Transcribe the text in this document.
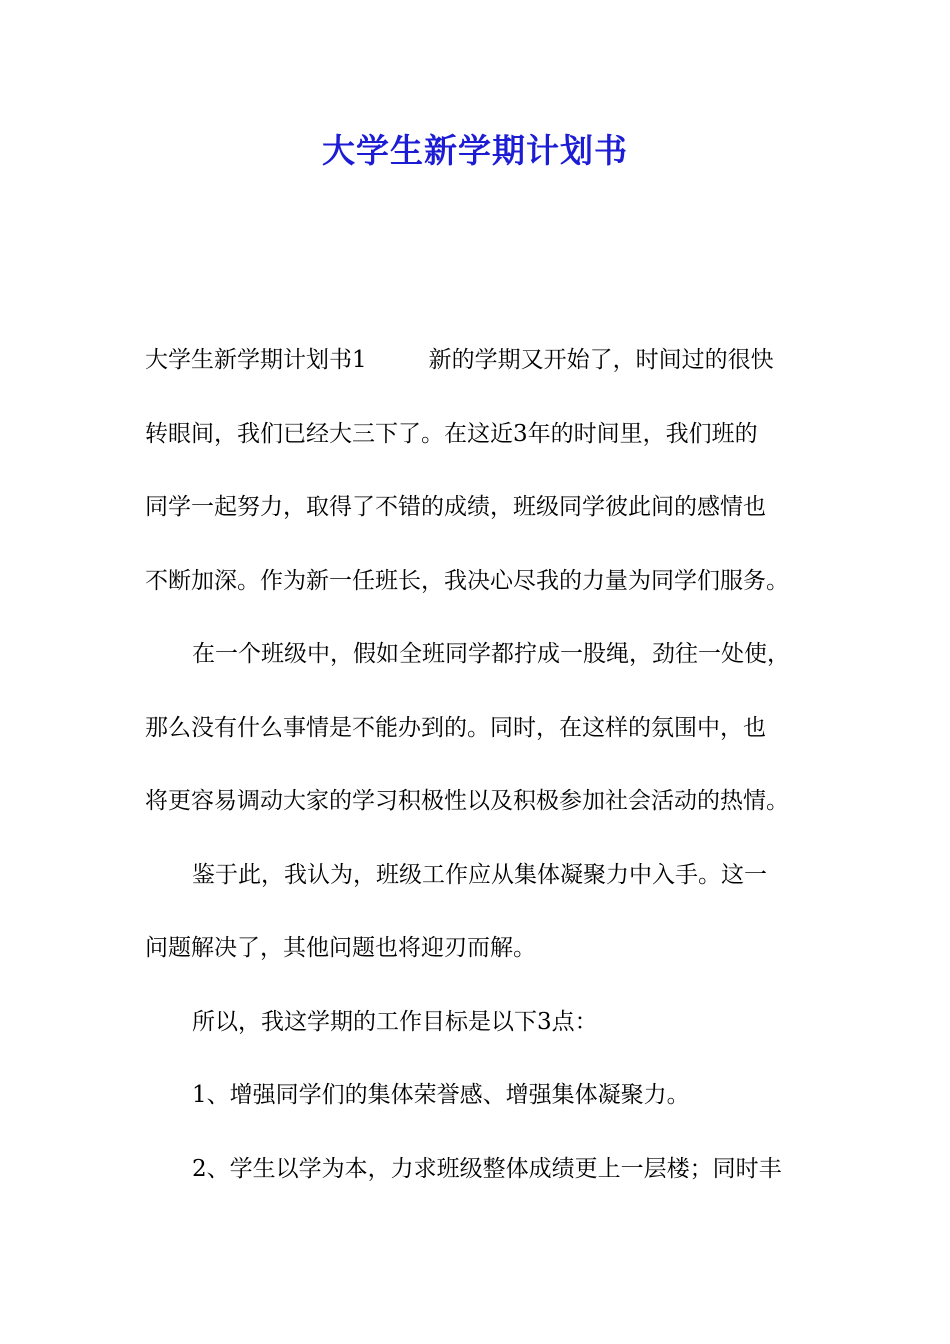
大学生新学期计划书
大学生新学期计划书1	新的学期又开始了，时间过的很快
转眼间，我们已经大三下了。在这近3年的时间里，我们班的
同学一起努力，取得了不错的成绩，班级同学彼此间的感情也
不断加深。作为新一任班长，我决心尽我的力量为同学们服务。
在一个班级中，假如全班同学都拧成一股绳，劲往一处使，
那么没有什么事情是不能办到的。同时，在这样的氛围中，也
将更容易调动大家的学习积极性以及积极参加社会活动的热情。
鉴于此，我认为，班级工作应从集体凝聚力中入手。这一
问题解决了，其他问题也将迎刃而解。
所以，我这学期的工作目标是以下3点：
1、增强同学们的集体荣誉感、增强集体凝聚力。
2、学生以学为本，力求班级整体成绩更上一层楼；同时丰
